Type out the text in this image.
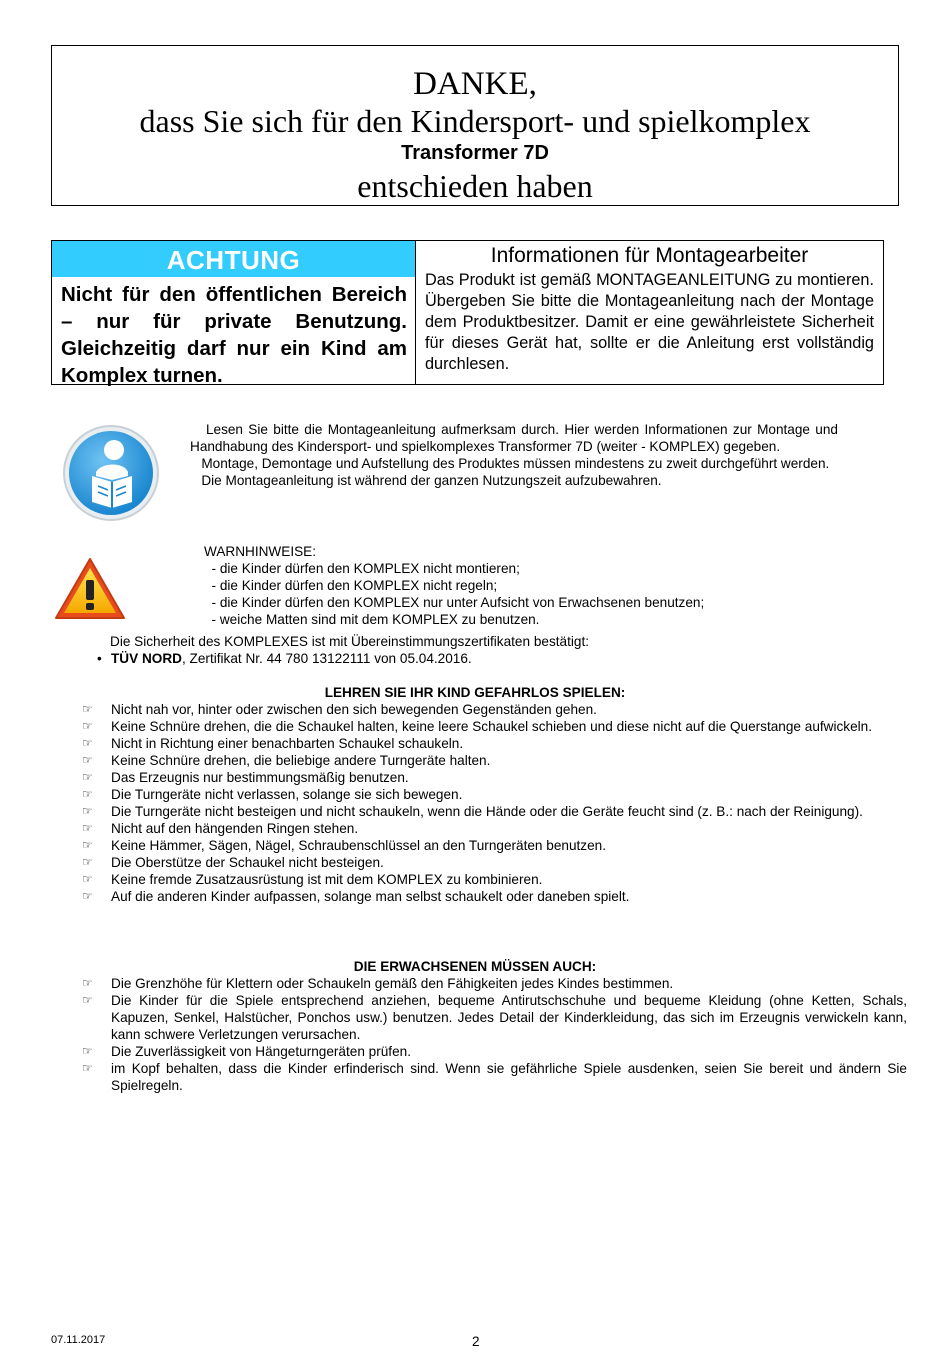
DANKE,
dass Sie sich für den Kindersport- und spielkomplex
Transformer 7D
entschieden haben
ACHTUNG
Nicht für den öffentlichen Bereich – nur für private Benutzung. Gleichzeitig darf nur ein Kind am Komplex turnen.
Informationen für Montagearbeiter
Das Produkt ist gemäß MONTAGEANLEITUNG zu montieren. Übergeben Sie bitte die Montageanleitung nach der Montage dem Produktbesitzer. Damit er eine gewährleistete Sicherheit für dieses Gerät hat, sollte er die Anleitung erst vollständig durchlesen.
Lesen Sie bitte die Montageanleitung aufmerksam durch. Hier werden Informationen zur Montage und Handhabung des Kindersport- und spielkomplexes Transformer 7D (weiter - KOMPLEX) gegeben.
Montage, Demontage und Aufstellung des Produktes müssen mindestens zu zweit durchgeführt werden.
Die Montageanleitung ist während der ganzen Nutzungszeit aufzubewahren.
WARNHINWEISE:
- die Kinder dürfen den KOMPLEX nicht montieren;
- die Kinder dürfen den KOMPLEX nicht regeln;
- die Kinder dürfen den KOMPLEX nur unter Aufsicht von Erwachsenen benutzen;
- weiche Matten sind mit dem KOMPLEX zu benutzen.
Die Sicherheit des KOMPLEXES ist mit Übereinstimmungszertifikaten bestätigt:
• TÜV NORD, Zertifikat Nr. 44 780 13122111 von 05.04.2016.
LEHREN SIE IHR KIND GEFAHRLOS SPIELEN:
☞ Nicht nah vor, hinter oder zwischen den sich bewegenden Gegenständen gehen.
☞ Keine Schnüre drehen, die die Schaukel halten, keine leere Schaukel schieben und diese nicht auf die Querstange aufwickeln.
☞ Nicht in Richtung einer benachbarten Schaukel schaukeln.
☞ Keine Schnüre drehen, die beliebige andere Turngeräte halten.
☞ Das Erzeugnis nur bestimmungsmäßig benutzen.
☞ Die Turngeräte nicht verlassen, solange sie sich bewegen.
☞ Die Turngeräte nicht besteigen und nicht schaukeln, wenn die Hände oder die Geräte feucht sind (z. B.: nach der Reinigung).
☞ Nicht auf den hängenden Ringen stehen.
☞ Keine Hämmer, Sägen, Nägel, Schraubenschlüssel an den Turngeräten benutzen.
☞ Die Oberstütze der Schaukel nicht besteigen.
☞ Keine fremde Zusatzausrüstung ist mit dem KOMPLEX zu kombinieren.
☞ Auf die anderen Kinder aufpassen, solange man selbst schaukelt oder daneben spielt.
DIE ERWACHSENEN MÜSSEN AUCH:
☞ Die Grenzhöhe für Klettern oder Schaukeln gemäß den Fähigkeiten jedes Kindes bestimmen.
☞ Die Kinder für die Spiele entsprechend anziehen, bequeme Antirutschschuhe und bequeme Kleidung (ohne Ketten, Schals, Kapuzen, Senkel, Halstücher, Ponchos usw.) benutzen. Jedes Detail der Kinderkleidung, das sich im Erzeugnis verwickeln kann, kann schwere Verletzungen verursachen.
☞ Die Zuverlässigkeit von Hängeturngeräten prüfen.
☞ im Kopf behalten, dass die Kinder erfinderisch sind. Wenn sie gefährliche Spiele ausdenken, seien Sie bereit und ändern Sie Spielregeln.
07.11.2017	2
